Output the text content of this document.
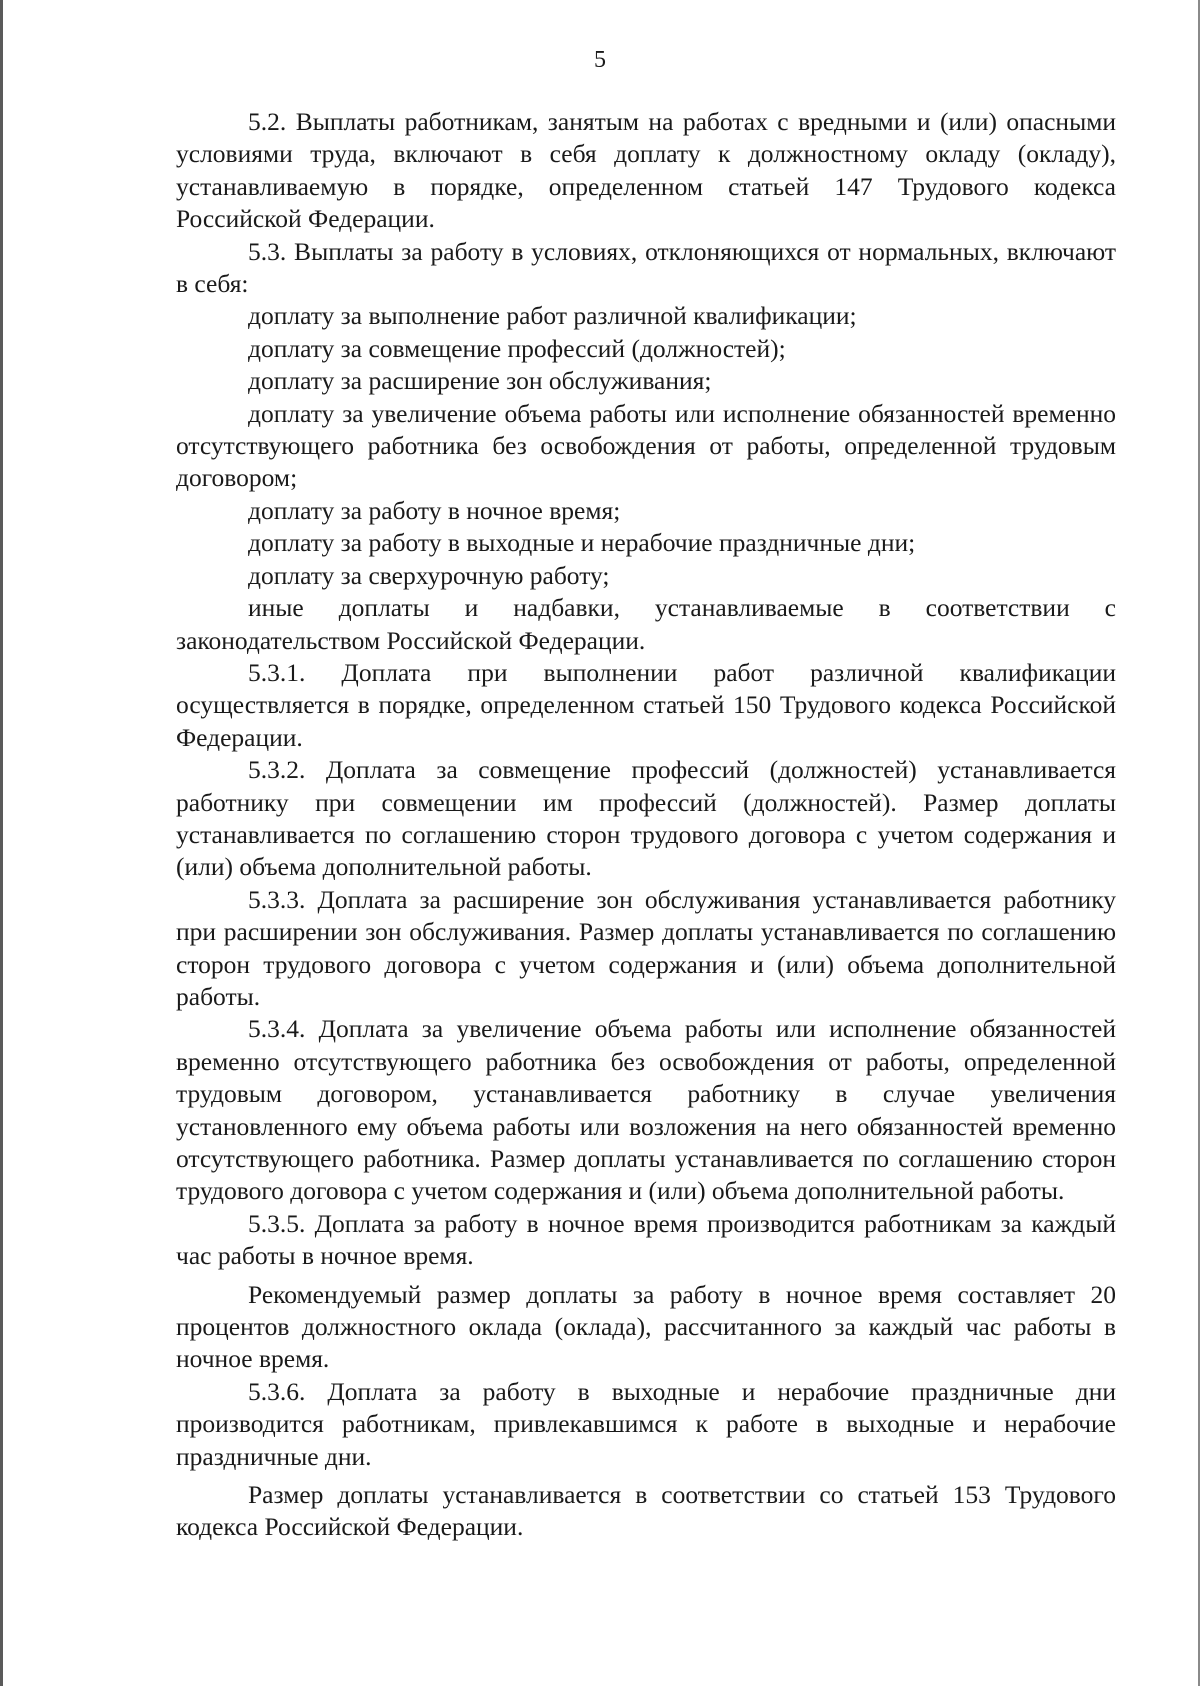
5

5.2. Выплаты работникам, занятым на работах с вредными и (или) опасными условиями труда, включают в себя доплату к должностному окладу (окладу), устанавливаемую в порядке, определенном статьей 147 Трудового кодекса Российской Федерации.

5.3. Выплаты за работу в условиях, отклоняющихся от нормальных, включают в себя:

доплату за выполнение работ различной квалификации;

доплату за совмещение профессий (должностей);

доплату за расширение зон обслуживания;

доплату за увеличение объема работы или исполнение обязанностей временно отсутствующего работника без освобождения от работы, определенной трудовым договором;

доплату за работу в ночное время;

доплату за работу в выходные и нерабочие праздничные дни;

доплату за сверхурочную работу;

иные доплаты и надбавки, устанавливаемые в соответствии с законодательством Российской Федерации.

5.3.1. Доплата при выполнении работ различной квалификации осуществляется в порядке, определенном статьей 150 Трудового кодекса Российской Федерации.

5.3.2. Доплата за совмещение профессий (должностей) устанавливается работнику при совмещении им профессий (должностей). Размер доплаты устанавливается по соглашению сторон трудового договора с учетом содержания и (или) объема дополнительной работы.

5.3.3. Доплата за расширение зон обслуживания устанавливается работнику при расширении зон обслуживания. Размер доплаты устанавливается по соглашению сторон трудового договора с учетом содержания и (или) объема дополнительной работы.

5.3.4. Доплата за увеличение объема работы или исполнение обязанностей временно отсутствующего работника без освобождения от работы, определенной трудовым договором, устанавливается работнику в случае увеличения установленного ему объема работы или возложения на него обязанностей временно отсутствующего работника. Размер доплаты устанавливается по соглашению сторон трудового договора с учетом содержания и (или) объема дополнительной работы.

5.3.5. Доплата за работу в ночное время производится работникам за каждый час работы в ночное время.

Рекомендуемый размер доплаты за работу в ночное время составляет 20 процентов должностного оклада (оклада), рассчитанного за каждый час работы в ночное время.

5.3.6. Доплата за работу в выходные и нерабочие праздничные дни производится работникам, привлекавшимся к работе в выходные и нерабочие праздничные дни.

Размер доплаты устанавливается в соответствии со статьей 153 Трудового кодекса Российской Федерации.
